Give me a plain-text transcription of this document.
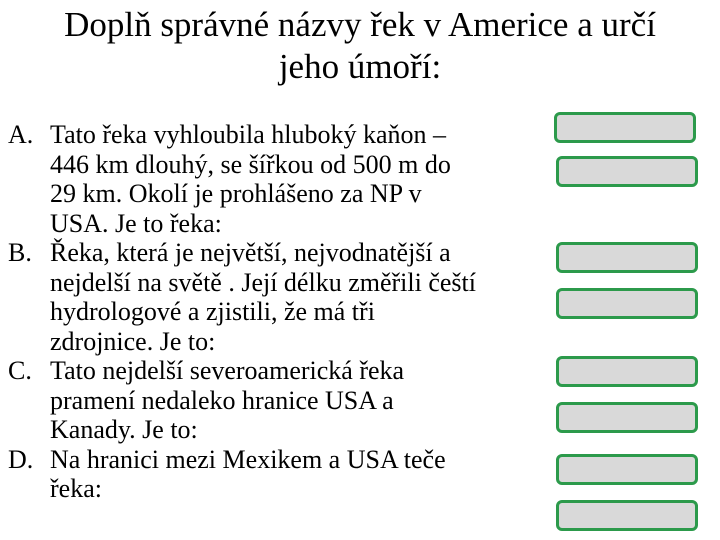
Doplň správné názvy řek v Americe a určí
jeho úmoří:
A. Tato řeka vyhloubila hluboký kaňon –
446 km dlouhý, se šířkou od 500 m do
29 km. Okolí je prohlášeno za NP v
USA. Je to řeka:
B. Řeka, která je největší, nejvodnatější a
nejdelší na světě . Její délku změřili čeští
hydrologové a zjistili, že má tři
zdrojnice. Je to:
C. Tato nejdelší severoamerická řeka
pramení nedaleko hranice USA a
Kanady. Je to:
D. Na hranici mezi Mexikem a USA teče
řeka:
